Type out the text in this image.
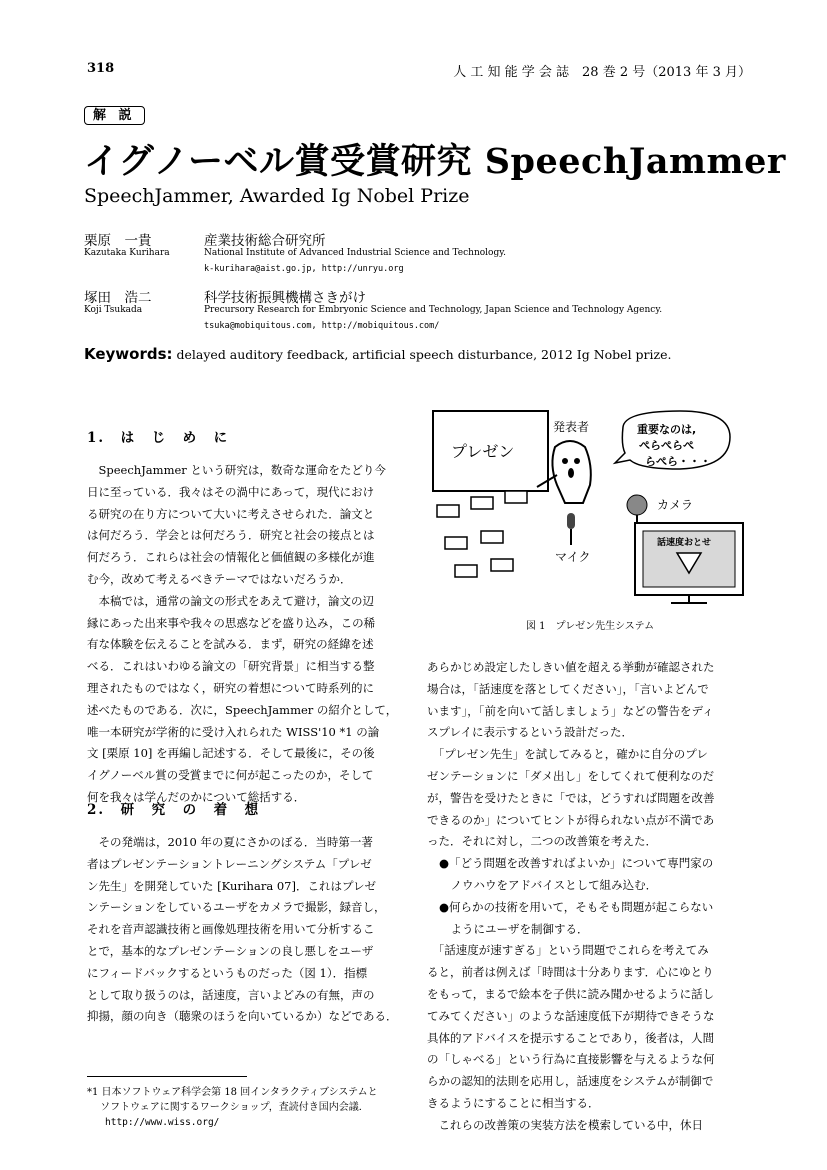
318	人 工 知 能 学 会 誌　28 巻 2 号（2013 年 3 月）
解 説
イグノーベル賞受賞研究 SpeechJammer
SpeechJammer, Awarded Ig Nobel Prize
栗原　一貴
Kazutaka Kurihara
産業技術総合研究所
National Institute of Advanced Industrial Science and Technology.
k-kurihara@aist.go.jp, http://unryu.org
塚田　浩二
Koji Tsukada
科学技術振興機構さきがけ
Precursory Research for Embryonic Science and Technology, Japan Science and Technology Agency.
tsuka@mobiquitous.com, http://mobiquitous.com/
Keywords: delayed auditory feedback, artificial speech disturbance, 2012 Ig Nobel prize.
1.　は　じ　め　に
　SpeechJammer という研究は，数奇な運命をたどり今
日に至っている．我々はその渦中にあって，現代におけ
る研究の在り方について大いに考えさせられた．論文と
は何だろう．学会とは何だろう．研究と社会の接点とは
何だろう．これらは社会の情報化と価値観の多様化が進
む今，改めて考えるべきテーマではないだろうか．
　本稿では，通常の論文の形式をあえて避け，論文の辺
縁にあった出来事や我々の思惑などを盛り込み，この稀
有な体験を伝えることを試みる．まず，研究の経緯を述
べる．これはいわゆる論文の「研究背景」に相当する整
理されたものではなく，研究の着想について時系列的に
述べたものである．次に，SpeechJammer の紹介として，
唯一本研究が学術的に受け入れられた WISS'10 *1 の論
文 [栗原 10] を再編し記述する．そして最後に，その後
イグノーベル賞の受賞までに何が起こったのか，そして
何を我々は学んだのかについて総括する．
2.　研　究　の　着　想
　その発端は，2010 年の夏にさかのぼる．当時第一著
者はプレゼンテーショントレーニングシステム「プレゼ
ン先生」を開発していた [Kurihara 07]．これはプレゼ
ンテーションをしているユーザをカメラで撮影，録音し，
それを音声認識技術と画像処理技術を用いて分析するこ
とで，基本的なプレゼンテーションの良し悪しをユーザ
にフィードバックするというものだった（図 1）．指標
として取り扱うのは，話速度，言いよどみの有無，声の
抑揚，顔の向き（聴衆のほうを向いているか）などである．
*1 日本ソフトウェア科学会第 18 回インタラクティブシステムと
　 ソフトウェアに関するワークショップ，査読付き国内会議．
http://www.wiss.org/
プレゼン
発表者	重要なのは,
ぺらぺらぺ
らぺら・・・
マイク
カメラ
話速度おとせ
図 1　プレゼン先生システム
あらかじめ設定したしきい値を超える挙動が確認された
場合は，「話速度を落としてください」，「言いよどんで
います」，「前を向いて話しましょう」などの警告をディ
スプレイに表示するという設計だった．
　「プレゼン先生」を試してみると，確かに自分のプレ
ゼンテーションに「ダメ出し」をしてくれて便利なのだ
が，警告を受けたときに「では，どうすれば問題を改善
できるのか」についてヒントが得られない点が不満であ
った．それに対し，二つの改善策を考えた．
●「どう問題を改善すればよいか」について専門家の
　ノウハウをアドバイスとして組み込む．
●何らかの技術を用いて，そもそも問題が起こらない
　ようにユーザを制御する．
　「話速度が速すぎる」という問題でこれらを考えてみ
ると，前者は例えば「時間は十分あります．心にゆとり
をもって，まるで絵本を子供に読み聞かせるように話し
てみてください」のような話速度低下が期待できそうな
具体的アドバイスを提示することであり，後者は，人間
の「しゃべる」という行為に直接影響を与えるような何
らかの認知的法則を応用し，話速度をシステムが制御で
きるようにすることに相当する．
　これらの改善策の実装方法を模索している中，休日
